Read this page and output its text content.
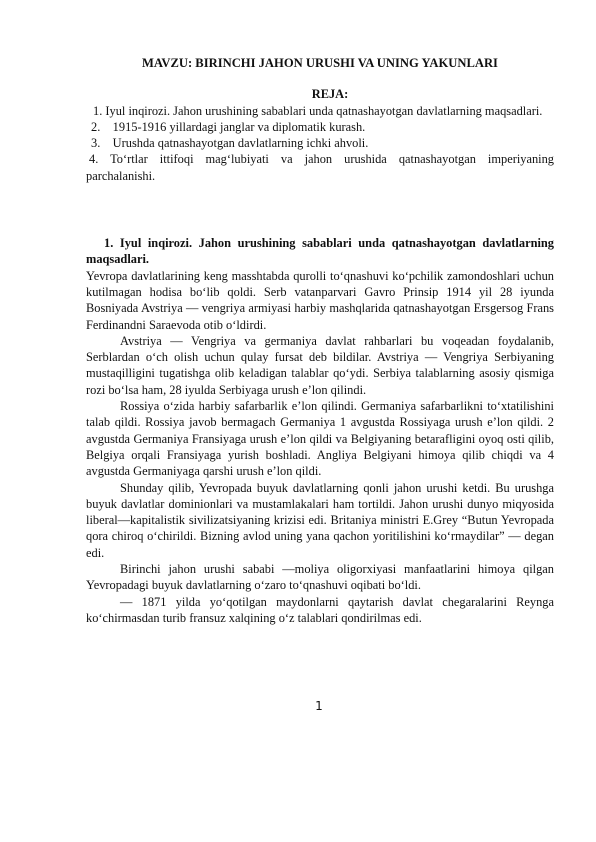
MAVZU: BIRINCHI JAHON URUSHI VA UNING YAKUNLARI

REJA:

1. Iyul inqirozi. Jahon urushining sabablari unda qatnashayotgan davlatlarning maqsadlari.

2.    1915-1916 yillardagi janglar va diplomatik kurash.

3.    Urushda qatnashayotgan davlatlarning ichki ahvoli.

4. To‘rtlar ittifoqi mag‘lubiyati va jahon urushida qatnashayotgan imperiyaning parchalanishi.

1. Iyul inqirozi. Jahon urushining sabablari unda qatnashayotgan davlatlarning maqsadlari.

Yevropa davlatlarining keng masshtabda qurolli to‘qnashuvi ko‘pchilik zamondoshlari uchun kutilmagan hodisa bo‘lib qoldi. Serb vatanparvari Gavro Prinsip 1914 yil 28 iyunda Bosniyada Avstriya — vengriya armiyasi harbiy mashqlarida qatnashayotgan Ersgersog Frans Ferdinandni Saraevoda otib o‘ldirdi.

Avstriya — Vengriya va germaniya davlat rahbarlari bu voqeadan foydalanib, Serblardan o‘ch olish uchun qulay fursat deb bildilar. Avstriya — Vengriya Serbiyaning mustaqilligini tugatishga olib keladigan talablar qo‘ydi. Serbiya talablarning asosiy qismiga rozi bo‘lsa ham, 28 iyulda Serbiyaga urush e’lon qilindi.

Rossiya o‘zida harbiy safarbarlik e’lon qilindi. Germaniya safarbarlikni to‘xtatilishini talab qildi. Rossiya javob bermagach Germaniya 1 avgustda Rossiyaga urush e’lon qildi. 2 avgustda Germaniya Fransiyaga urush e’lon qildi va Belgiyaning betarafligini oyoq osti qilib, Belgiya orqali Fransiyaga yurish boshladi. Angliya Belgiyani himoya qilib chiqdi va 4 avgustda Germaniyaga qarshi urush e’lon qildi.

Shunday qilib, Yevropada buyuk davlatlarning qonli jahon urushi ketdi. Bu urushga buyuk davlatlar dominionlari va mustamlakalari ham tortildi. Jahon urushi dunyo miqyosida liberal—kapitalistik sivilizatsiyaning krizisi edi. Britaniya ministri E.Grey “Butun Yevropada qora chiroq o‘chirildi. Bizning avlod uning yana qachon yoritilishini ko‘rmaydilar” — degan edi.

Birinchi jahon urushi sababi —moliya oligorxiyasi manfaatlarini himoya qilgan Yevropadagi buyuk davlatlarning o‘zaro to‘qnashuvi oqibati bo‘ldi.

— 1871 yilda yo‘qotilgan maydonlarni qaytarish davlat chegaralarini Reynga ko‘chirmasdan turib fransuz xalqining o‘z talablari qondirilmas edi.

1
